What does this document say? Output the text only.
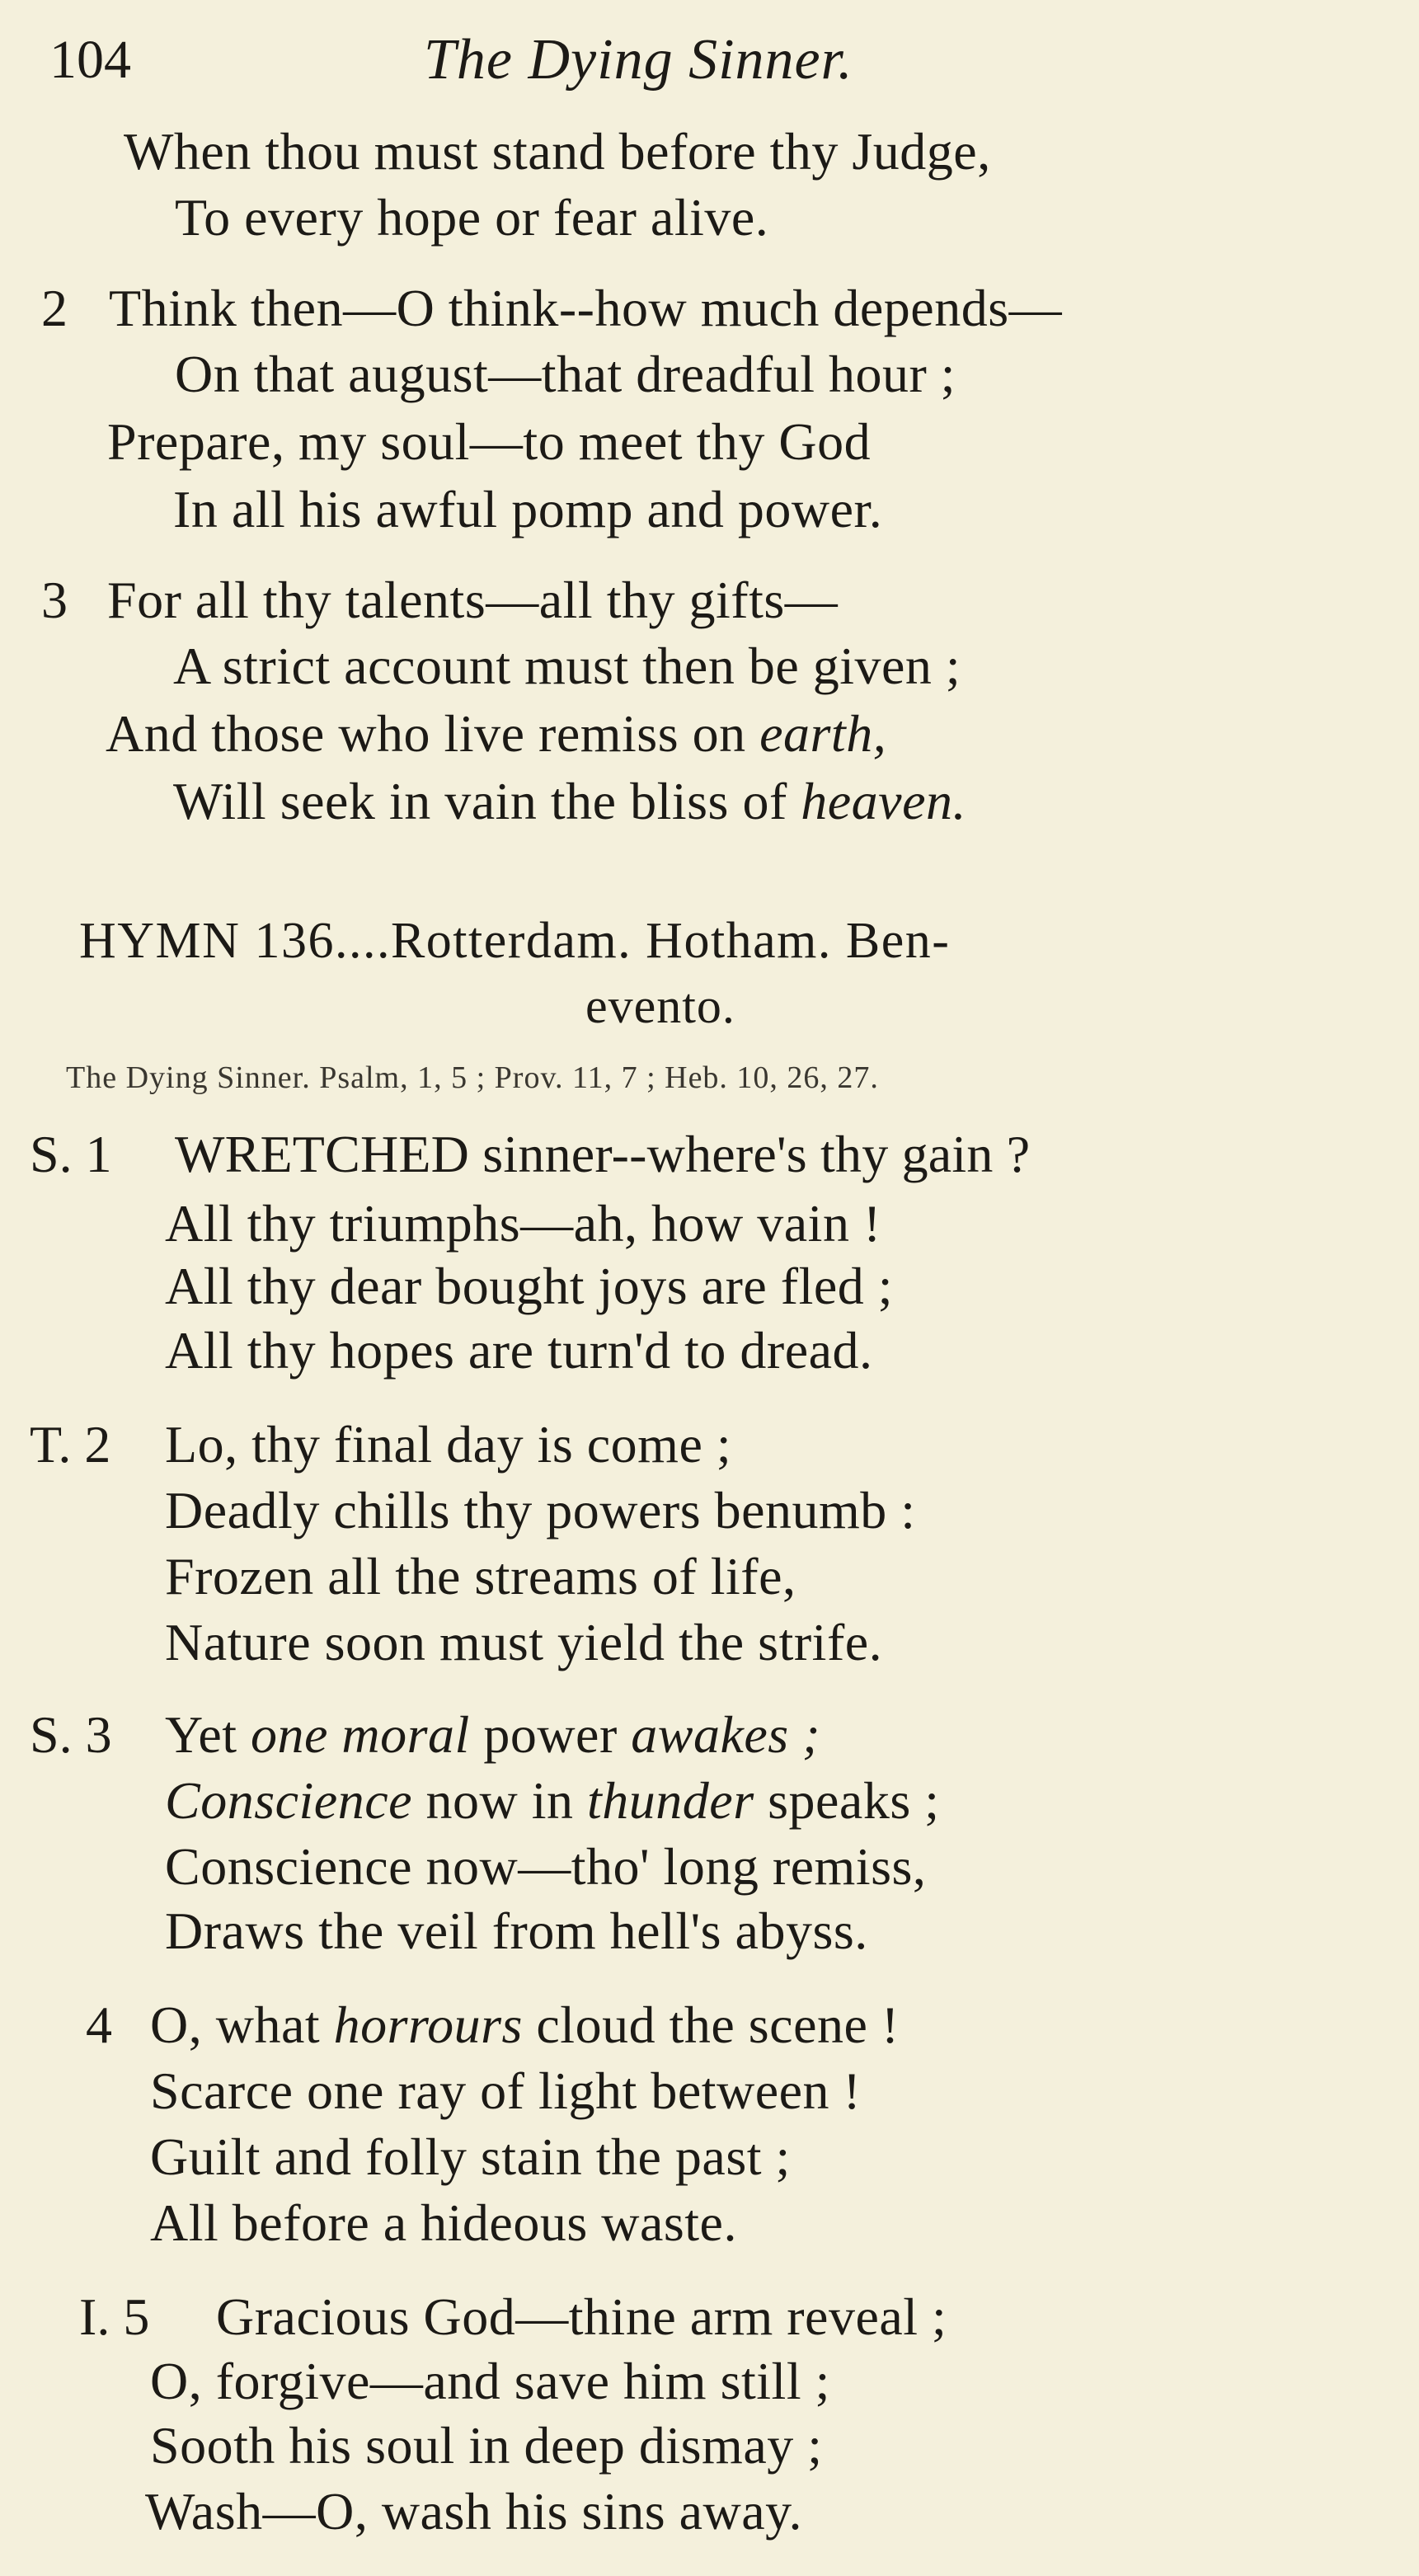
104	The Dying Sinner.
When thou must stand before thy Judge,
To every hope or fear alive.
2 Think then—O think--how much depends—
On that august—that dreadful hour ;
Prepare, my soul—to meet thy God
In all his awful pomp and power.
3 For all thy talents—all thy gifts—
A strict account must then be given ;
And those who live remiss on earth,
Will seek in vain the bliss of heaven.
HYMN 136....Rotterdam. Hotham. Ben-
evento.
The Dying Sinner. Psalm, 1, 5 ; Prov. 11, 7 ; Heb. 10, 26, 27.
S. 1 WRETCHED sinner--where's thy gain ?
All thy triumphs—ah, how vain !
All thy dear bought joys are fled ;
All thy hopes are turn'd to dread.
T. 2 Lo, thy final day is come ;
Deadly chills thy powers benumb :
Frozen all the streams of life,
Nature soon must yield the strife.
S. 3 Yet one moral power awakes ;
Conscience now in thunder speaks ;
Conscience now—tho' long remiss,
Draws the veil from hell's abyss.
4 O, what horrours cloud the scene !
Scarce one ray of light between !
Guilt and folly stain the past ;
All before a hideous waste.
I. 5 Gracious God—thine arm reveal ;
O, forgive—and save him still ;
Sooth his soul in deep dismay ;
Wash—O, wash his sins away.
